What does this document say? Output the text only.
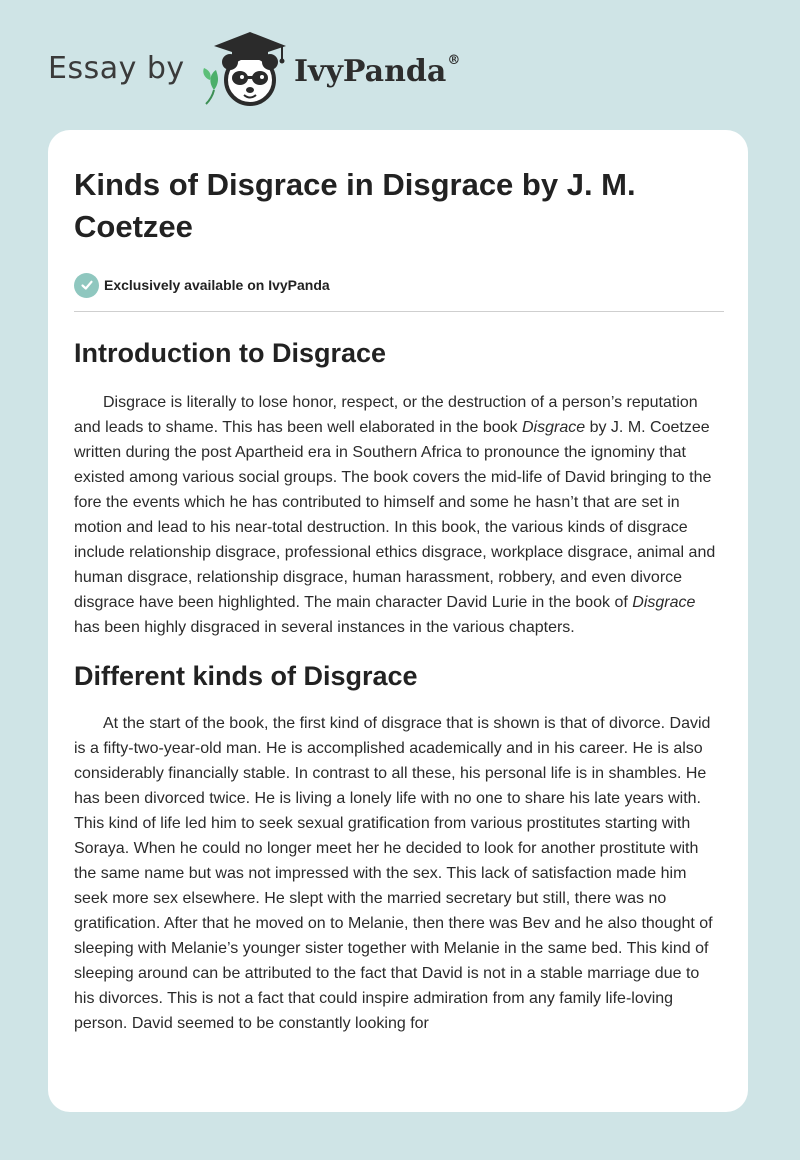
Essay by	IvyPanda®
Kinds of Disgrace in Disgrace by J. M. Coetzee
Exclusively available on IvyPanda
Introduction to Disgrace

Disgrace is literally to lose honor, respect, or the destruction of a person’s reputation and leads to shame. This has been well elaborated in the book Disgrace by J. M. Coetzee written during the post Apartheid era in Southern Africa to pronounce the ignominy that existed among various social groups. The book covers the mid-life of David bringing to the fore the events which he has contributed to himself and some he hasn’t that are set in motion and lead to his near-total destruction. In this book, the various kinds of disgrace include relationship disgrace, professional ethics disgrace, workplace disgrace, animal and human disgrace, relationship disgrace, human harassment, robbery, and even divorce disgrace have been highlighted. The main character David Lurie in the book of Disgrace has been highly disgraced in several instances in the various chapters.

Different kinds of Disgrace

At the start of the book, the first kind of disgrace that is shown is that of divorce. David is a fifty-two-year-old man. He is accomplished academically and in his career. He is also considerably financially stable. In contrast to all these, his personal life is in shambles. He has been divorced twice. He is living a lonely life with no one to share his late years with. This kind of life led him to seek sexual gratification from various prostitutes starting with Soraya. When he could no longer meet her he decided to look for another prostitute with the same name but was not impressed with the sex. This lack of satisfaction made him seek more sex elsewhere. He slept with the married secretary but still, there was no gratification. After that he moved on to Melanie, then there was Bev and he also thought of sleeping with Melanie’s younger sister together with Melanie in the same bed. This kind of sleeping around can be attributed to the fact that David is not in a stable marriage due to his divorces. This is not a fact that could inspire admiration from any family life-loving person. David seemed to be constantly looking for
